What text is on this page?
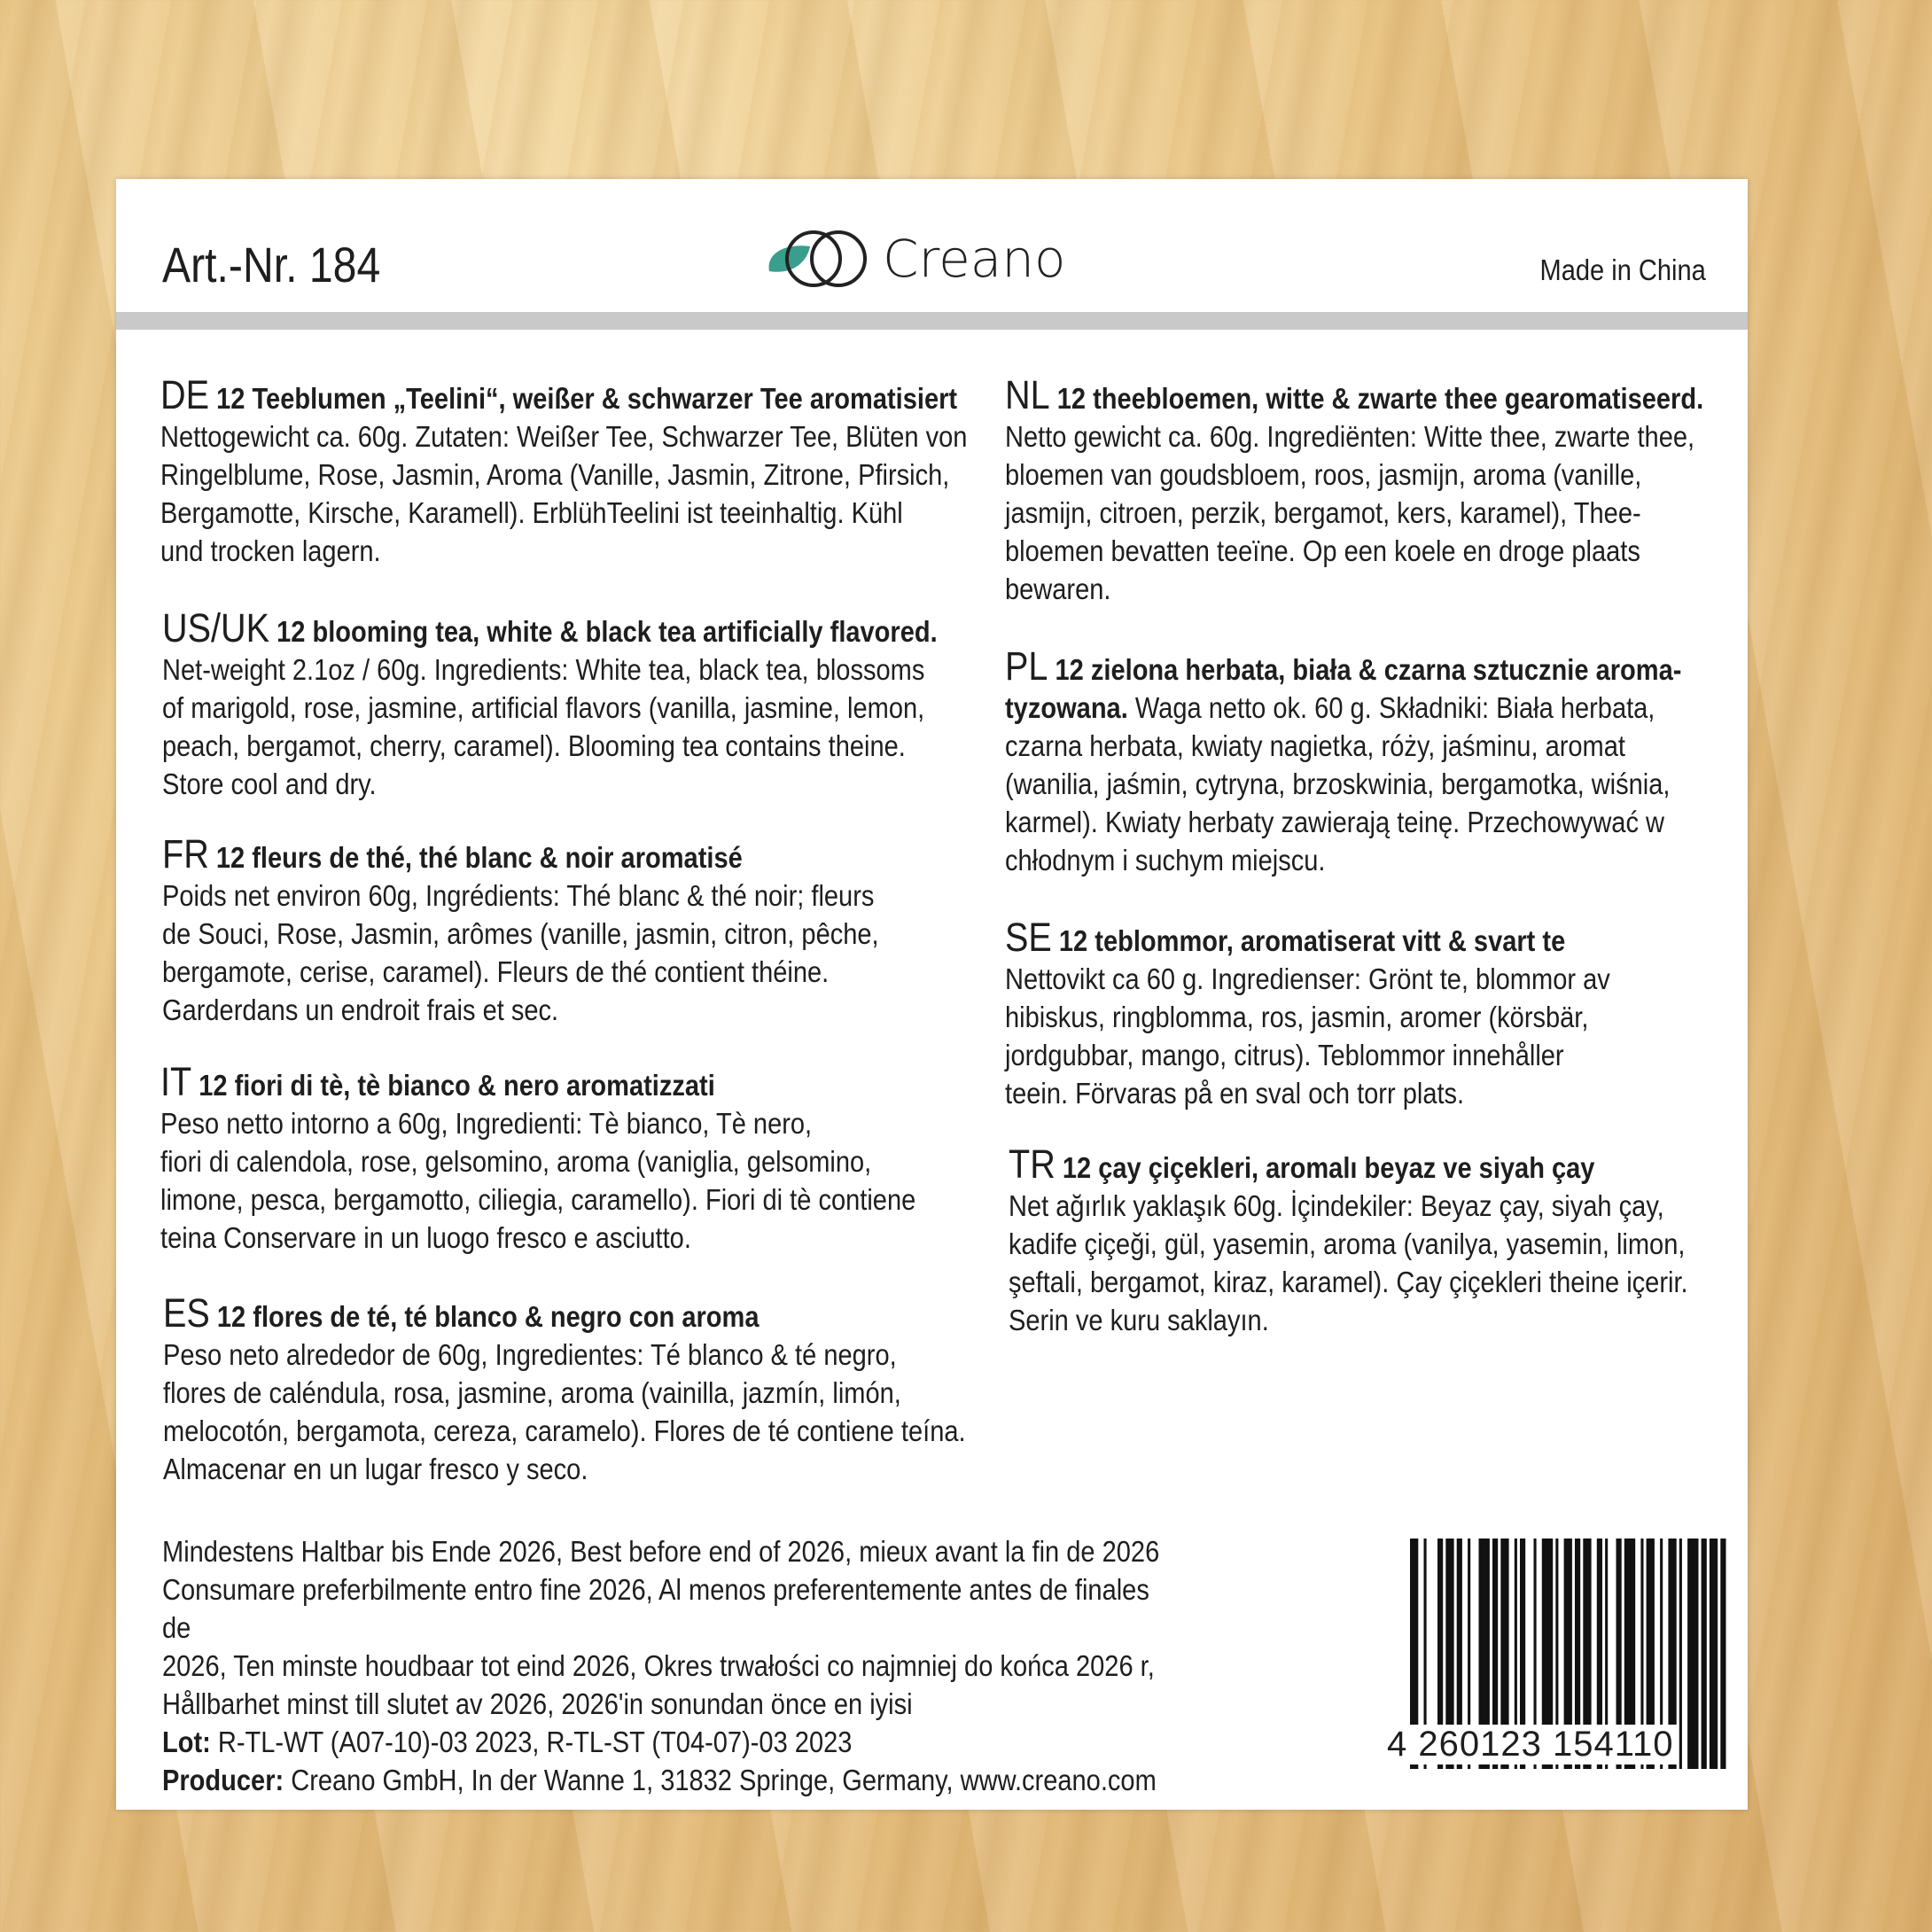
Art.-Nr. 184	Creano	Made in China
DE 12 Teeblumen „Teelini“, weißer & schwarzer Tee aromatisiert
Nettogewicht ca. 60g. Zutaten: Weißer Tee, Schwarzer Tee, Blüten von
Ringelblume, Rose, Jasmin, Aroma (Vanille, Jasmin, Zitrone, Pfirsich,
Bergamotte, Kirsche, Karamell). ErblühTeelini ist teeinhaltig. Kühl
und trocken lagern.
US/UK 12 blooming tea, white & black tea artificially flavored.
Net-weight 2.1oz / 60g. Ingredients: White tea, black tea, blossoms
of marigold, rose, jasmine, artificial flavors (vanilla, jasmine, lemon,
peach, bergamot, cherry, caramel). Blooming tea contains theine.
Store cool and dry.
FR 12 fleurs de thé, thé blanc & noir aromatisé
Poids net environ 60g, Ingrédients: Thé blanc & thé noir; fleurs
de Souci, Rose, Jasmin, arômes (vanille, jasmin, citron, pêche,
bergamote, cerise, caramel). Fleurs de thé contient théine.
Garderdans un endroit frais et sec.
IT 12 fiori di tè, tè bianco & nero aromatizzati
Peso netto intorno a 60g, Ingredienti: Tè bianco, Tè nero,
fiori di calendola, rose, gelsomino, aroma (vaniglia, gelsomino,
limone, pesca, bergamotto, ciliegia, caramello). Fiori di tè contiene
teina Conservare in un luogo fresco e asciutto.
ES 12 flores de té, té blanco & negro con aroma
Peso neto alrededor de 60g, Ingredientes: Té blanco & té negro,
flores de caléndula, rosa, jasmine, aroma (vainilla, jazmín, limón,
melocotón, bergamota, cereza, caramelo). Flores de té contiene teína.
Almacenar en un lugar fresco y seco.
NL 12 theebloemen, witte & zwarte thee gearomatiseerd.
Netto gewicht ca. 60g. Ingrediënten: Witte thee, zwarte thee,
bloemen van goudsbloem, roos, jasmijn, aroma (vanille,
jasmijn, citroen, perzik, bergamot, kers, karamel), Thee-
bloemen bevatten teeïne. Op een koele en droge plaats
bewaren.
PL 12 zielona herbata, biała & czarna sztucznie aroma-
tyzowana. Waga netto ok. 60 g. Składniki: Biała herbata,
czarna herbata, kwiaty nagietka, róży, jaśminu, aromat
(wanilia, jaśmin, cytryna, brzoskwinia, bergamotka, wiśnia,
karmel). Kwiaty herbaty zawierają teinę. Przechowywać w
chłodnym i suchym miejscu.
SE 12 teblommor, aromatiserat vitt & svart te
Nettovikt ca 60 g. Ingredienser: Grönt te, blommor av
hibiskus, ringblomma, ros, jasmin, aromer (körsbär,
jordgubbar, mango, citrus). Teblommor innehåller
teein. Förvaras på en sval och torr plats.
TR 12 çay çiçekleri, aromalı beyaz ve siyah çay
Net ağırlık yaklaşık 60g. İçindekiler: Beyaz çay, siyah çay,
kadife çiçeği, gül, yasemin, aroma (vanilya, yasemin, limon,
şeftali, bergamot, kiraz, karamel). Çay çiçekleri theine içerir.
Serin ve kuru saklayın.
Mindestens Haltbar bis Ende 2026, Best before end of 2026, mieux avant la fin de 2026
Consumare preferbilmente entro fine 2026, Al menos preferentemente antes de finales de
2026, Ten minste houdbaar tot eind 2026, Okres trwałości co najmniej do końca 2026 r,
Hållbarhet minst till slutet av 2026, 2026'in sonundan önce en iyisi
Lot: R-TL-WT (A07-10)-03 2023, R-TL-ST (T04-07)-03 2023
Producer: Creano GmbH, In der Wanne 1, 31832 Springe, Germany, www.creano.com
4 260123 154110
